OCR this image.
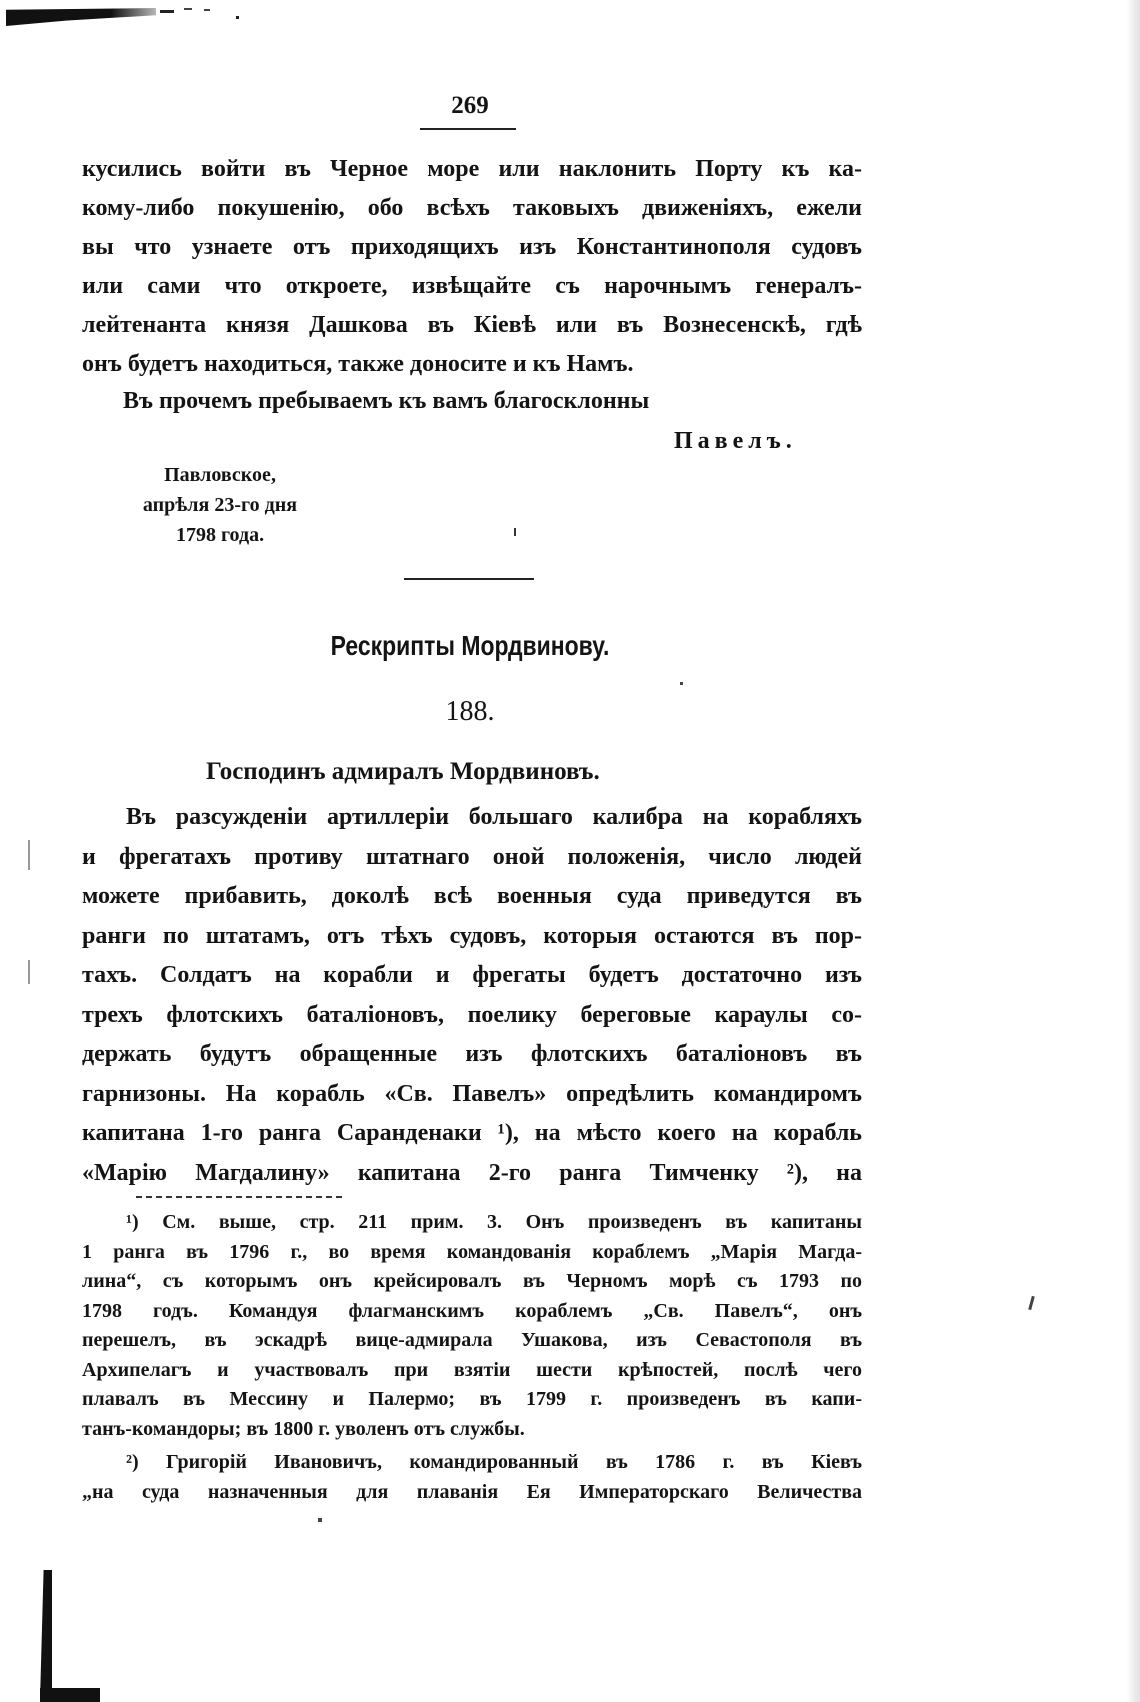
269
кусились войти въ Черное море или наклонить Порту къ ка-
кому-либо покушенію, обо всѣхъ таковыхъ движеніяхъ, ежели
вы что узнаете отъ приходящихъ изъ Константинополя судовъ
или сами что откроете, извѣщайте съ нарочнымъ генералъ-
лейтенанта князя Дашкова въ Кіевѣ или въ Вознесенскѣ, гдѣ
онъ будетъ находиться, также доносите и къ Намъ.
Въ прочемъ пребываемъ къ вамъ благосклонны
Павелъ.
Павловское,
апрѣля 23-го дня
1798 года.
Рескрипты Мордвинову.
188.
Господинъ адмиралъ Мордвиновъ.
Въ разсужденіи артиллеріи большаго калибра на корабляхъ
и фрегатахъ противу штатнаго оной положенія, число людей
можете прибавить, доколѣ всѣ военныя суда приведутся въ
ранги по штатамъ, отъ тѣхъ судовъ, которыя остаются въ пор-
тахъ. Солдатъ на корабли и фрегаты будетъ достаточно изъ
трехъ флотскихъ баталіоновъ, поелику береговые караулы со-
держать будутъ обращенные изъ флотскихъ баталіоновъ въ
гарнизоны. На корабль «Св. Павелъ» опредѣлить командиромъ
капитана 1-го ранга Саранденаки ¹), на мѣсто коего на корабль
«Марію Магдалину» капитана 2-го ранга Тимченку ²), на
¹) См. выше, стр. 211 прим. 3. Онъ произведенъ въ капитаны
1 ранга въ 1796 г., во время командованія кораблемъ „Марія Магда-
лина“, съ которымъ онъ крейсировалъ въ Черномъ морѣ съ 1793 по
1798 годъ. Командуя флагманскимъ кораблемъ „Св. Павелъ“, онъ
перешелъ, въ эскадрѣ вице-адмирала Ушакова, изъ Севастополя въ
Архипелагъ и участвовалъ при взятіи шести крѣпостей, послѣ чего
плавалъ въ Мессину и Палермо; въ 1799 г. произведенъ въ капи-
танъ-командоры; въ 1800 г. уволенъ отъ службы.
²) Григорій Ивановичъ, командированный въ 1786 г. въ Кіевъ
„на суда назначенныя для плаванія Ея Императорскаго Величества
